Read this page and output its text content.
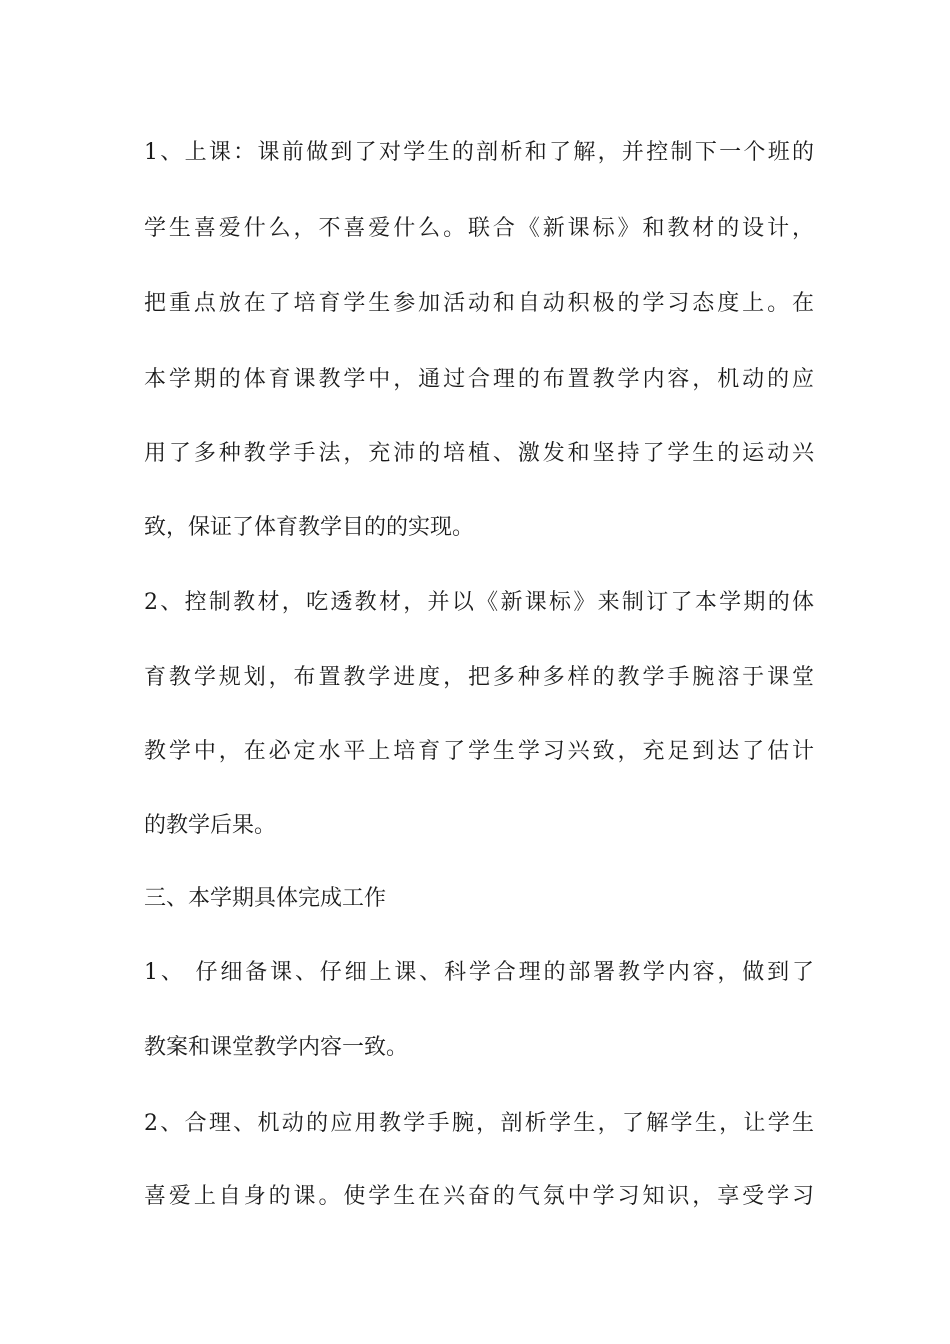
1、上课：课前做到了对学生的剖析和了解，并控制下一个班的
学生喜爱什么，不喜爱什么。联合《新课标》和教材的设计，
把重点放在了培育学生参加活动和自动积极的学习态度上。在
本学期的体育课教学中，通过合理的布置教学内容，机动的应
用了多种教学手法，充沛的培植、激发和坚持了学生的运动兴
致，保证了体育教学目的的实现。
2、控制教材，吃透教材，并以《新课标》来制订了本学期的体
育教学规划，布置教学进度，把多种多样的教学手腕溶于课堂
教学中，在必定水平上培育了学生学习兴致，充足到达了估计
的教学后果。
三、本学期具体完成工作
1、 仔细备课、仔细上课、科学合理的部署教学内容，做到了
教案和课堂教学内容一致。
2、合理、机动的应用教学手腕，剖析学生，了解学生，让学生
喜爱上自身的课。使学生在兴奋的气氛中学习知识，享受学习
